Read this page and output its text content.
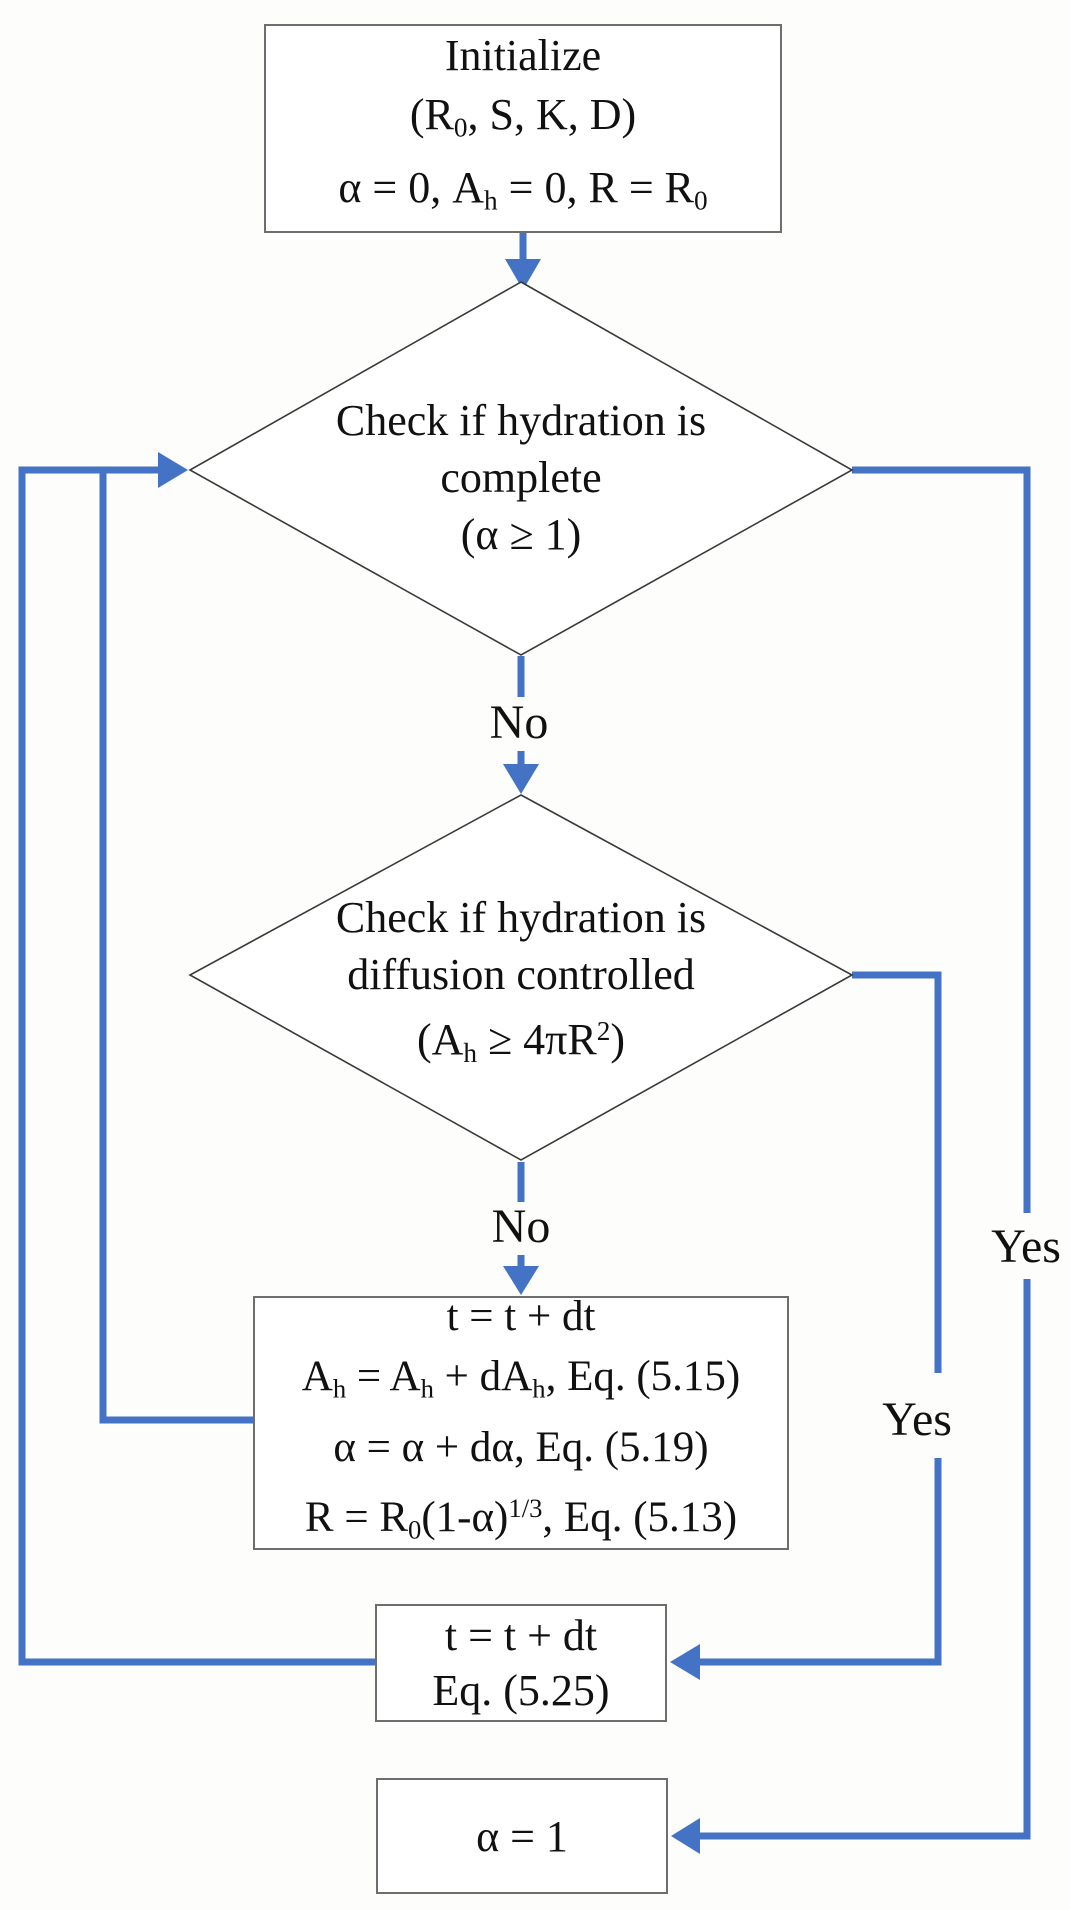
Initialize
($R_0$, S, K, D)
α = 0, $A_h = 0$, $R = R_0$
Check if hydration is
complete
(α ≥ 1)
Check if hydration is
diffusion controlled
$(A_h \ge 4\pi R^2)$
t = t + dt
$A_h = A_h + dA_h$, Eq. (5.15)
α = α + dα, Eq. (5.19)
$R = R_0(1-\alpha)^{1/3}$, Eq. (5.13)
t = t + dt
Eq. (5.25)
α = 1
No
No	Yes
Yes
